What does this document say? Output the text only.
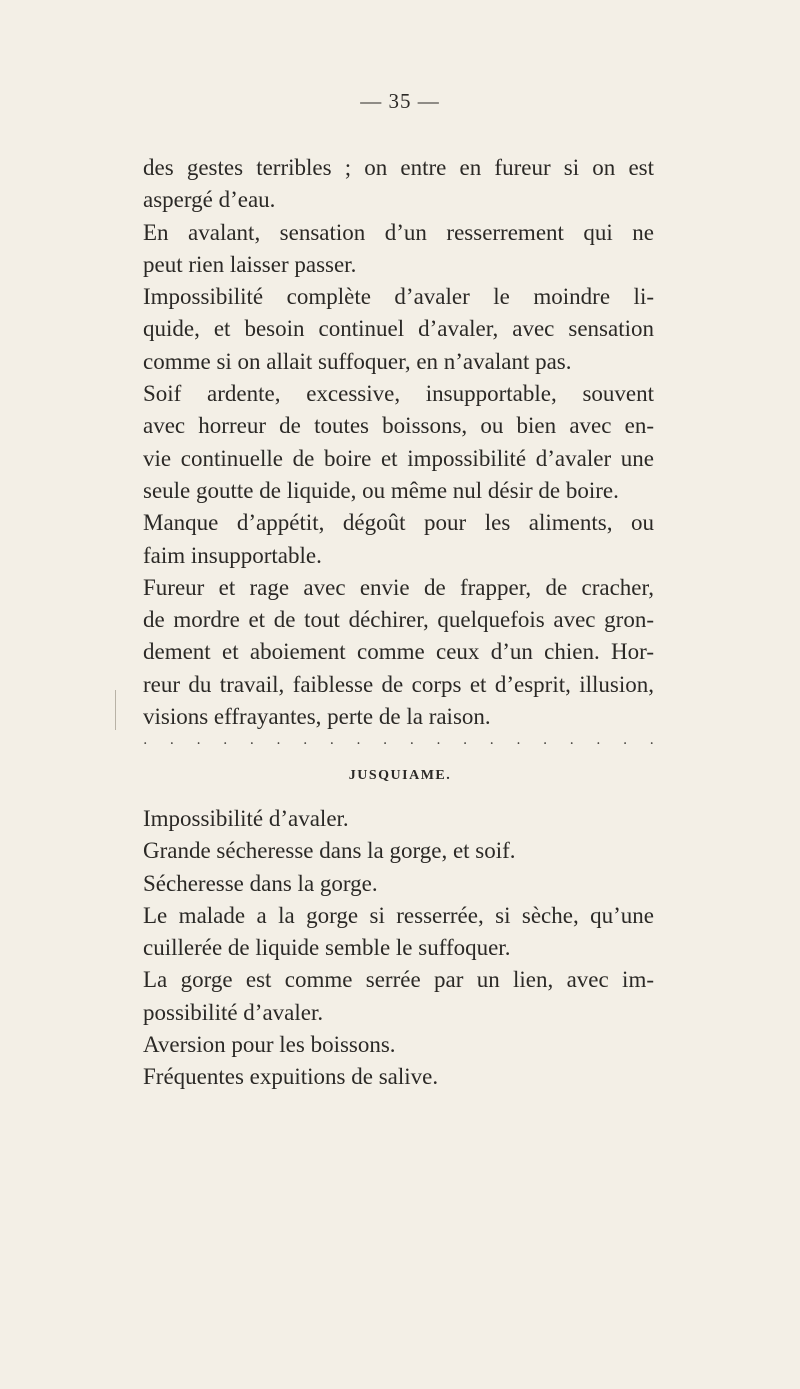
— 35 —
des gestes terribles ; on entre en fureur si on est
aspergé d’eau.
En avalant, sensation d’un resserrement qui ne
peut rien laisser passer.
Impossibilité complète d’avaler le moindre li-
quide, et besoin continuel d’avaler, avec sensation
comme si on allait suffoquer, en n’avalant pas.
Soif ardente, excessive, insupportable, souvent
avec horreur de toutes boissons, ou bien avec en-
vie continuelle de boire et impossibilité d’avaler une
seule goutte de liquide, ou même nul désir de boire.
Manque d’appétit, dégoût pour les aliments, ou
faim insupportable.
Fureur et rage avec envie de frapper, de cracher,
de mordre et de tout déchirer, quelquefois avec gron-
dement et aboiement comme ceux d’un chien. Hor-
reur du travail, faiblesse de corps et d’esprit, illusion,
visions effrayantes, perte de la raison.
. . . . . . . . . . . . . . . . . . . .
JUSQUIAME.
Impossibilité d’avaler.
Grande sécheresse dans la gorge, et soif.
Sécheresse dans la gorge.
Le malade a la gorge si resserrée, si sèche, qu’une
cuillerée de liquide semble le suffoquer.
La gorge est comme serrée par un lien, avec im-
possibilité d’avaler.
Aversion pour les boissons.
Fréquentes expuitions de salive.
